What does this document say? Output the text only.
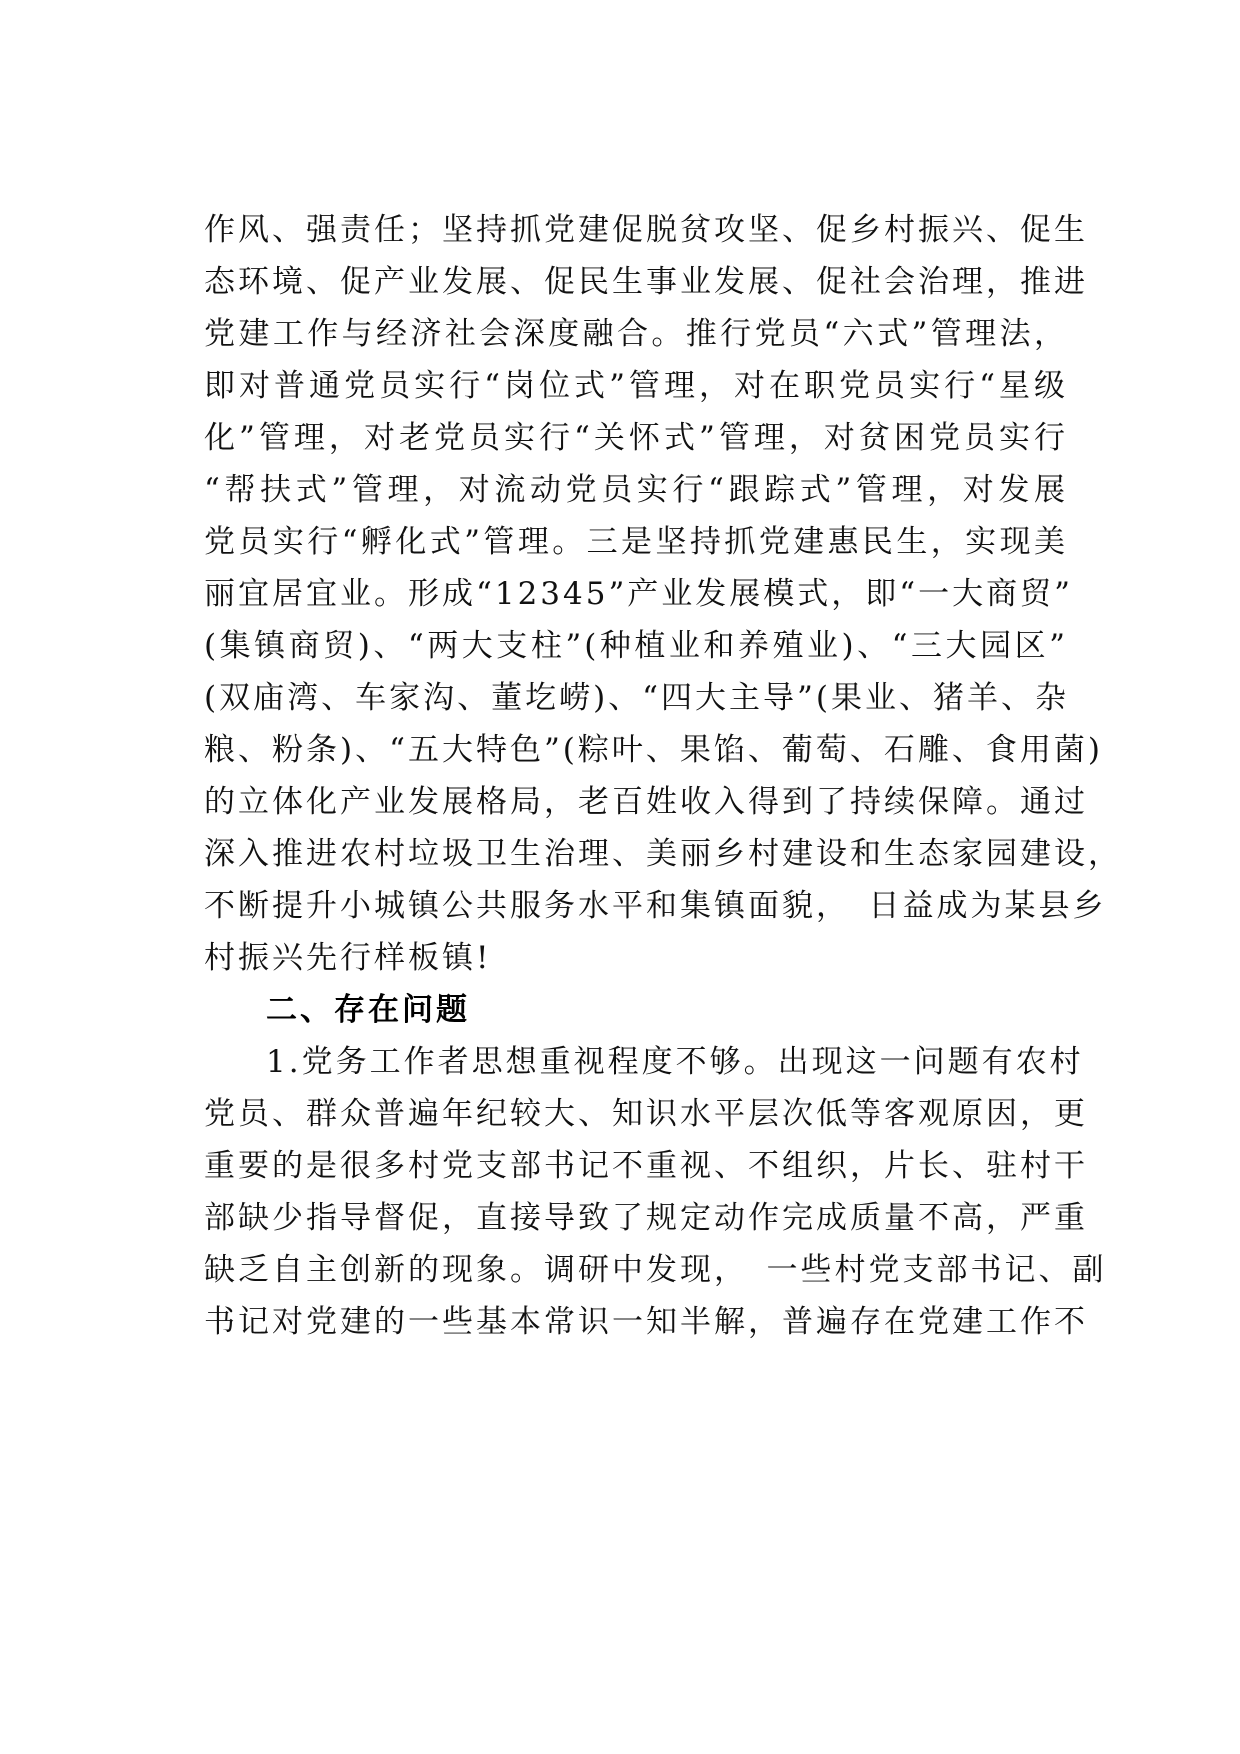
作风、强责任；坚持抓党建促脱贫攻坚、促乡村振兴、促生
态环境、促产业发展、促民生事业发展、促社会治理，推进
党建工作与经济社会深度融合。推行党员“六式”管理法，
即对普通党员实行“岗位式”管理，对在职党员实行“星级
化”管理，对老党员实行“关怀式”管理，对贫困党员实行
“帮扶式”管理，对流动党员实行“跟踪式”管理，对发展
党员实行“孵化式”管理。三是坚持抓党建惠民生，实现美
丽宜居宜业。形成“12345”产业发展模式，即“一大商贸”
(集镇商贸)、“两大支柱”(种植业和养殖业)、“三大园区”
(双庙湾、车家沟、董圪崂)、“四大主导”(果业、猪羊、杂
粮、粉条)、“五大特色”(粽叶、果馅、葡萄、石雕、食用菌)
的立体化产业发展格局，老百姓收入得到了持续保障。通过
深入推进农村垃圾卫生治理、美丽乡村建设和生态家园建设，
不断提升小城镇公共服务水平和集镇面貌，　日益成为某县乡
村振兴先行样板镇!
二、存在问题
1.党务工作者思想重视程度不够。出现这一问题有农村
党员、群众普遍年纪较大、知识水平层次低等客观原因，更
重要的是很多村党支部书记不重视、不组织，片长、驻村干
部缺少指导督促，直接导致了规定动作完成质量不高，严重
缺乏自主创新的现象。调研中发现，　一些村党支部书记、副
书记对党建的一些基本常识一知半解，普遍存在党建工作不
